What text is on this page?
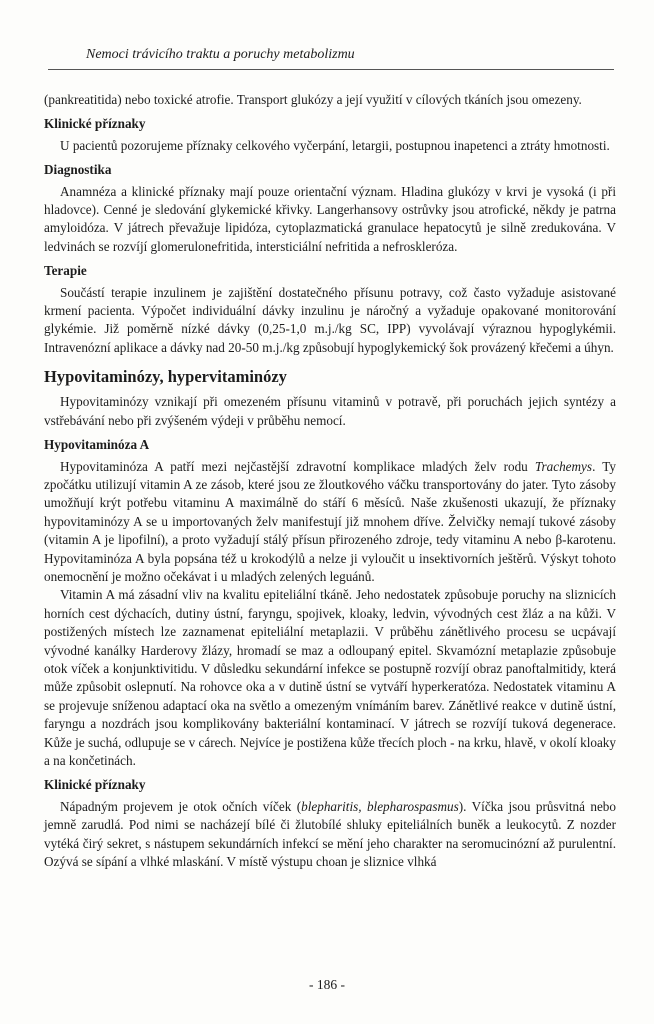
Nemoci trávicího traktu a poruchy metabolizmu

(pankreatitida) nebo toxické atrofie. Transport glukózy a její využití v cílových tkáních jsou omezeny.

Klinické příznaky

U pacientů pozorujeme příznaky celkového vyčerpání, letargii, postupnou inapetenci a ztráty hmotnosti.

Diagnostika

Anamnéza a klinické příznaky mají pouze orientační význam. Hladina glukózy v krvi je vysoká (i při hladovce). Cenné je sledování glykemické křivky. Langerhansovy ostrůvky jsou atrofické, někdy je patrna amyloidóza. V játrech převažuje lipidóza, cytoplazmatická granulace hepatocytů je silně zredukována. V ledvinách se rozvíjí glomerulonefritida, intersticiální nefritida a nefroskleróza.

Terapie

Součástí terapie inzulinem je zajištění dostatečného přísunu potravy, což často vyžaduje asistované krmení pacienta. Výpočet individuální dávky inzulinu je náročný a vyžaduje opakované monitorování glykémie. Již poměrně nízké dávky (0,25-1,0 m.j./kg SC, IPP) vyvolávají výraznou hypoglykémii. Intravenózní aplikace a dávky nad 20-50 m.j./kg způsobují hypoglykemický šok provázený křečemi a úhyn.

Hypovitaminózy, hypervitaminózy

Hypovitaminózy vznikají při omezeném přísunu vitaminů v potravě, při poruchách jejich syntézy a vstřebávání nebo při zvýšeném výdeji v průběhu nemocí.

Hypovitaminóza A

Hypovitaminóza A patří mezi nejčastější zdravotní komplikace mladých želv rodu Trachemys. Ty zpočátku utilizují vitamin A ze zásob, které jsou ze žloutkového váčku transportovány do jater. Tyto zásoby umožňují krýt potřebu vitaminu A maximálně do stáří 6 měsíců. Naše zkušenosti ukazují, že příznaky hypovitaminózy A se u importovaných želv manifestují již mnohem dříve. Želvičky nemají tukové zásoby (vitamin A je lipofilní), a proto vyžadují stálý přísun přirozeného zdroje, tedy vitaminu A nebo β-karotenu. Hypovitaminóza A byla popsána též u krokodýlů a nelze ji vyloučit u insektivorních ještěrů. Výskyt tohoto onemocnění je možno očekávat i u mladých zelených leguánů.

Vitamin A má zásadní vliv na kvalitu epiteliální tkáně. Jeho nedostatek způsobuje poruchy na sliznicích horních cest dýchacích, dutiny ústní, faryngu, spojivek, kloaky, ledvin, vývodných cest žláz a na kůži. V postižených místech lze zaznamenat epiteliální metaplazii. V průběhu zánětlivého procesu se ucpávají vývodné kanálky Harderovy žlázy, hromadí se maz a odloupaný epitel. Skvamózní metaplazie způsobuje otok víček a konjunktivitidu. V důsledku sekundární infekce se postupně rozvíjí obraz panoftalmitidy, která může způsobit oslepnutí. Na rohovce oka a v dutině ústní se vytváří hyperkeratóza. Nedostatek vitaminu A se projevuje sníženou adaptací oka na světlo a omezeným vnímáním barev. Zánětlivé reakce v dutině ústní, faryngu a nozdrách jsou komplikovány bakteriální kontaminací. V játrech se rozvíjí tuková degenerace. Kůže je suchá, odlupuje se v cárech. Nejvíce je postižena kůže třecích ploch - na krku, hlavě, v okolí kloaky a na končetinách.

Klinické příznaky

Nápadným projevem je otok očních víček (blepharitis, blepharospasmus). Víčka jsou průsvitná nebo jemně zarudlá. Pod nimi se nacházejí bílé či žlutobílé shluky epiteliálních buněk a leukocytů. Z nozder vytéká čirý sekret, s nástupem sekundárních infekcí se mění jeho charakter na seromucinózní až purulentní. Ozývá se sípání a vlhké mlaskání. V místě výstupu choan je sliznice vlhká

- 186 -
